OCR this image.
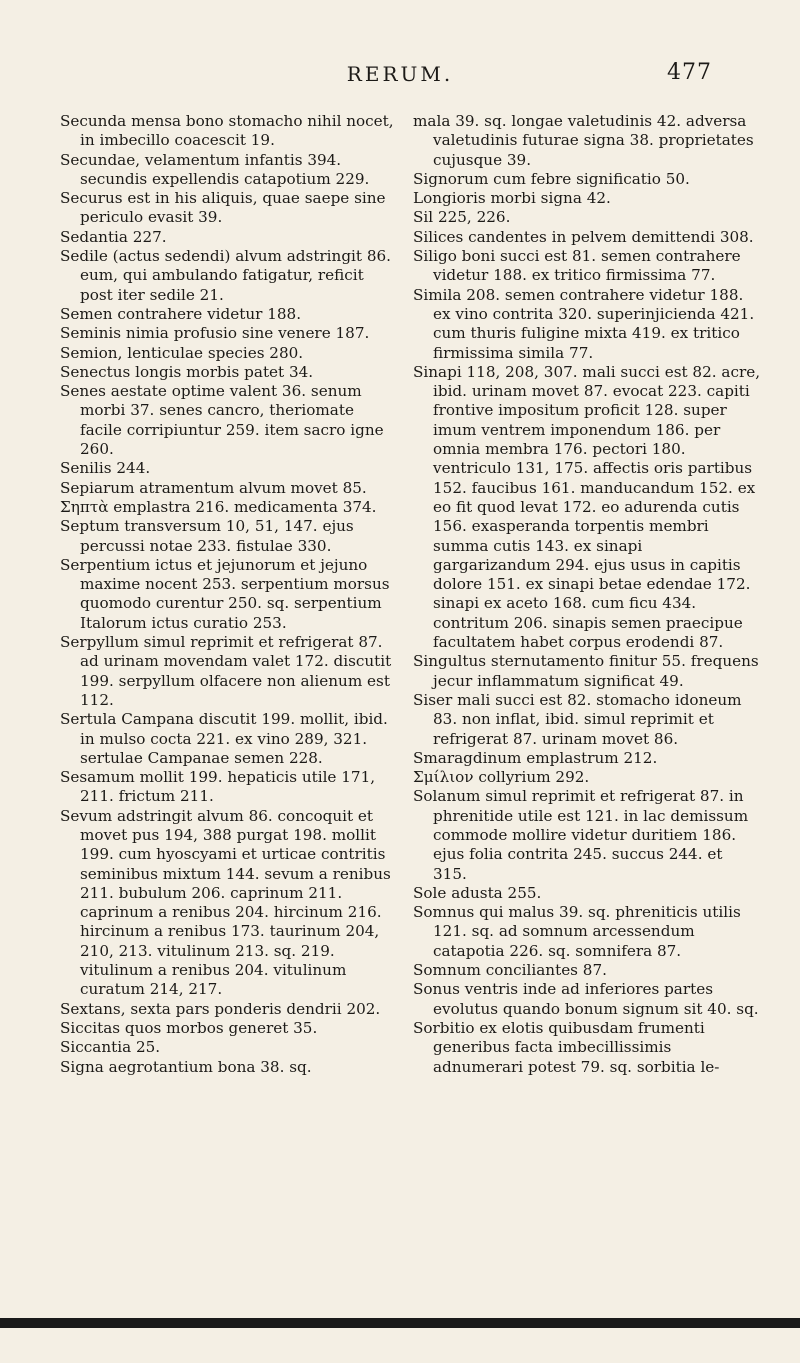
RERUM.	477

Secunda mensa bono stomacho nihil nocet, in imbecillo coacescit 19.

Secundae, velamentum infantis 394. secundis expellendis catapotium 229.

Securus est in his aliquis, quae saepe sine periculo evasit 39.

Sedantia 227.

Sedile (actus sedendi) alvum adstringit 86. eum, qui ambulando fatigatur, reficit post iter sedile 21.

Semen contrahere videtur 188.

Seminis nimia profusio sine venere 187.

Semion, lenticulae species 280.

Senectus longis morbis patet 34.

Senes aestate optime valent 36. senum morbi 37. senes cancro, theriomate facile corripiuntur 259. item sacro igne 260.

Senilis 244.

Sepiarum atramentum alvum movet 85.

Σηπτὰ emplastra 216. medicamenta 374.

Septum transversum 10, 51, 147. ejus percussi notae 233. fistulae 330.

Serpentium ictus et jejunorum et jejuno maxime nocent 253. serpentium morsus quomodo curentur 250. sq. serpentium Italorum ictus curatio 253.

Serpyllum simul reprimit et refrigerat 87. ad urinam movendam valet 172. discutit 199. serpyllum olfacere non alienum est 112.

Sertula Campana discutit 199. mollit, ibid. in mulso cocta 221. ex vino 289, 321. sertulae Campanae semen 228.

Sesamum mollit 199. hepaticis utile 171, 211. frictum 211.

Sevum adstringit alvum 86. concoquit et movet pus 194, 388 purgat 198. mollit 199. cum hyoscyami et urticae contritis seminibus mixtum 144. sevum a renibus 211. bubulum 206. caprinum 211. caprinum a renibus 204. hircinum 216. hircinum a renibus 173. taurinum 204, 210, 213. vitulinum 213. sq. 219. vitulinum a renibus 204. vitulinum curatum 214, 217.

Sextans, sexta pars ponderis dendrii 202.

Siccitas quos morbos generet 35.

Siccantia 25.

Signa aegrotantium bona 38. sq.

mala 39. sq. longae valetudinis 42. adversa valetudinis futurae signa 38. proprietates cujusque 39.

Signorum cum febre significatio 50.

Longioris morbi signa 42.

Sil 225, 226.

Silices candentes in pelvem demittendi 308.

Siligo boni succi est 81. semen contrahere videtur 188. ex tritico firmissima 77.

Simila 208. semen contrahere videtur 188. ex vino contrita 320. superinjicienda 421. cum thuris fuligine mixta 419. ex tritico firmissima simila 77.

Sinapi 118, 208, 307. mali succi est 82. acre, ibid. urinam movet 87. evocat 223. capiti frontive impositum proficit 128. super imum ventrem imponendum 186. per omnia membra 176. pectori 180. ventriculo 131, 175. affectis oris partibus 152. faucibus 161. manducandum 152. ex eo fit quod levat 172. eo adurenda cutis 156. exasperanda torpentis membri summa cutis 143. ex sinapi gargarizandum 294. ejus usus in capitis dolore 151. ex sinapi betae edendae 172. sinapi ex aceto 168. cum ficu 434. contritum 206. sinapis semen praecipue facultatem habet corpus erodendi 87.

Singultus sternutamento finitur 55. frequens jecur inflammatum significat 49.

Siser mali succi est 82. stomacho idoneum 83. non inflat, ibid. simul reprimit et refrigerat 87. urinam movet 86.

Smaragdinum emplastrum 212.

Σμίλιον collyrium 292.

Solanum simul reprimit et refrigerat 87. in phrenitide utile est 121. in lac demissum commode mollire videtur duritiem 186. ejus folia contrita 245. succus 244. et 315.

Sole adusta 255.

Somnus qui malus 39. sq. phreniticis utilis 121. sq. ad somnum arcessendum catapotia 226. sq. somnifera 87.

Somnum conciliantes 87.

Sonus ventris inde ad inferiores partes evolutus quando bonum signum sit 40. sq.

Sorbitio ex elotis quibusdam frumenti generibus facta imbecillissimis adnumerari potest 79. sq. sorbitia le-
